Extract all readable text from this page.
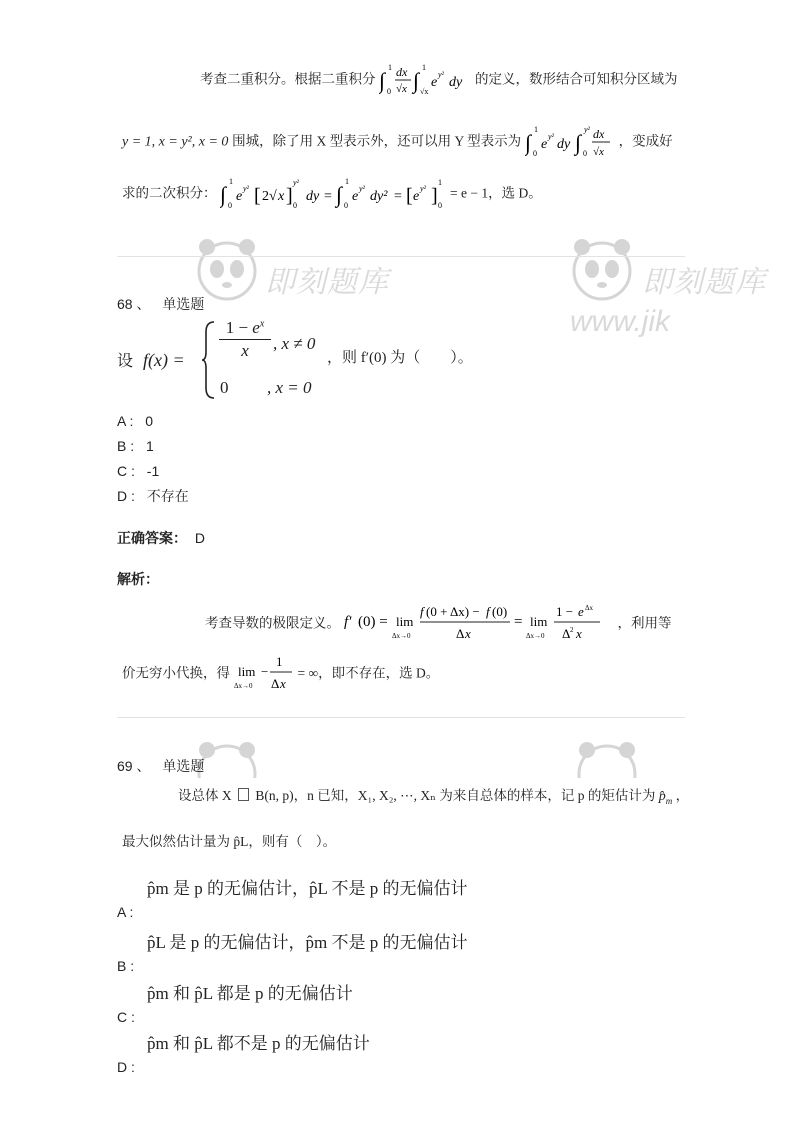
即刻题库	即刻题库
www.jik
考查二重积分。根据二重积分 ∫
1
0
dx
√x ∫
1
√x
e
y²
dy 的定义，数形结合可知积分区域为
y = 1, x = y², x = 0 围城，除了用 X 型表示外，还可以用 Y 型表示为 ∫
1
0
e
y²
dy ∫
y²
0
dx
√x
，变成好
求的二次积分： ∫
1
0
e
y² [ 2√ x ]
y²
0
dy = ∫
1
0
e
y²
dy² = [ e
y² ]
1
0
= e − 1，选 D。
68 、 单选题
设 f(x) =
$1 - e^x$
x	, x ≠ 0
0 , x = 0
，则 f′(0) 为（　　）。
A : 0
B : 1
C : -1
D : 不存在
正确答案： D
解析：
考查导数的极限定义。 f′ (0) = lim
Δx→0
f (0 + Δx) − f (0)
Δ x
= lim
Δx→0
1 − e Δx
Δ 2 x
，利用等
价无穷小代换，得 lim
Δx→0
−
1
Δ x
= ∞，即不存在，选 D。
69 、 单选题
设总体 X B(n, p)，n 已知，X₁, X₂, ⋯, Xₙ 为来自总体的样本，记 p 的矩估计为 $p̂_m$ ，
最大似然估计量为 p̂L，则有（　）。
p̂m 是 p 的无偏估计，p̂L 不是 p 的无偏估计
A :
p̂L 是 p 的无偏估计，p̂m 不是 p 的无偏估计
B :
p̂m 和 p̂L 都是 p 的无偏估计
C :
p̂m 和 p̂L 都不是 p 的无偏估计
D :
